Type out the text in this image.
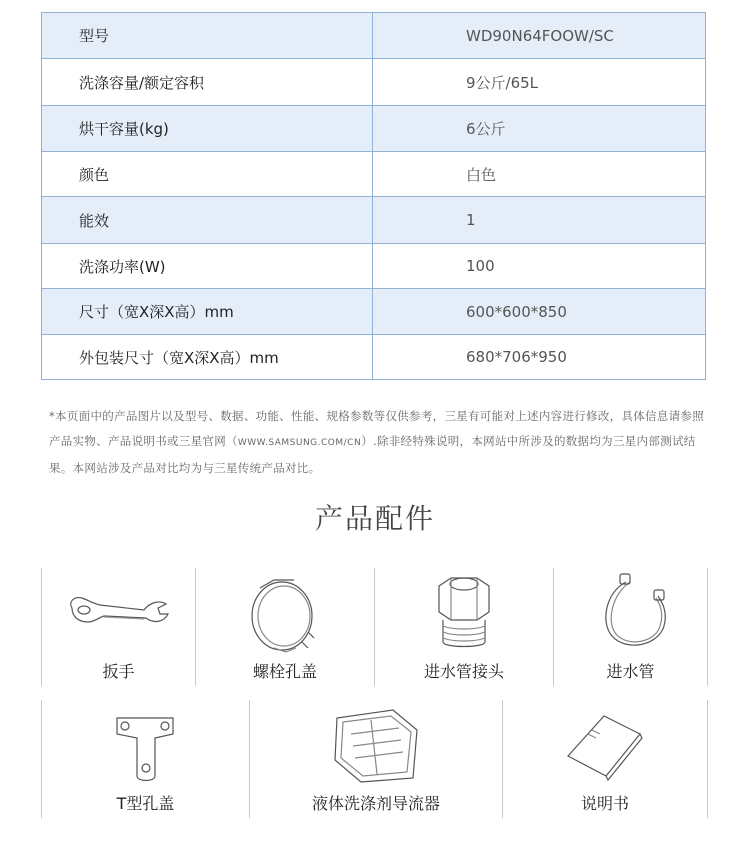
型号	WD90N64FOOW/SC
洗涤容量/额定容积	9公斤/65L
烘干容量(kg)	6公斤
颜色	白色
能效	1
洗涤功率(W)	100
尺寸（宽X深X高）mm	600*600*850
外包装尺寸（宽X深X高）mm	680*706*950
*本页面中的产品图片以及型号、数据、功能、性能、规格参数等仅供参考，三星有可能对上述内容进行修改，具体信息请参照产品实物、产品说明书或三星官网（WWW.SAMSUNG.COM/CN）.除非经特殊说明，本网站中所涉及的数据均为三星内部测试结果。本网站涉及产品对比均为与三星传统产品对比。
产品配件
扳手	螺栓孔盖	进水管接头	进水管
T型孔盖	液体洗涤剂导流器	说明书
